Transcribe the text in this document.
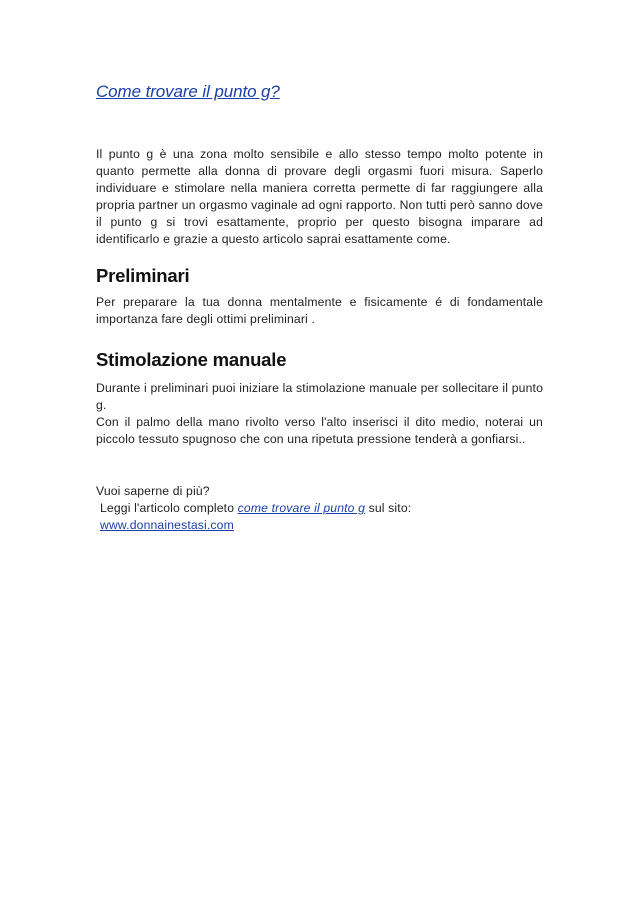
Come trovare il punto g?

Il punto g è una zona molto sensibile e allo stesso tempo molto potente in quanto permette alla donna di provare degli orgasmi fuori misura. Saperlo individuare e stimolare nella maniera corretta permette di far raggiungere alla propria partner un orgasmo vaginale ad ogni rapporto. Non tutti però sanno dove il punto g si trovi esattamente, proprio per questo bisogna imparare ad identificarlo e grazie a questo articolo saprai esattamente come.

Preliminari

Per preparare la tua donna mentalmente e fisicamente é di fondamentale importanza fare degli ottimi preliminari .

Stimolazione manuale

Durante i preliminari puoi iniziare la stimolazione manuale per sollecitare il punto g.

Con il palmo della mano rivolto verso l'alto inserisci il dito medio, noterai un piccolo tessuto spugnoso che con una ripetuta pressione tenderà a gonfiarsi..

Vuoi saperne di più?

Leggi l'articolo completo come trovare il punto g sul sito:

www.donnainestasi.com
